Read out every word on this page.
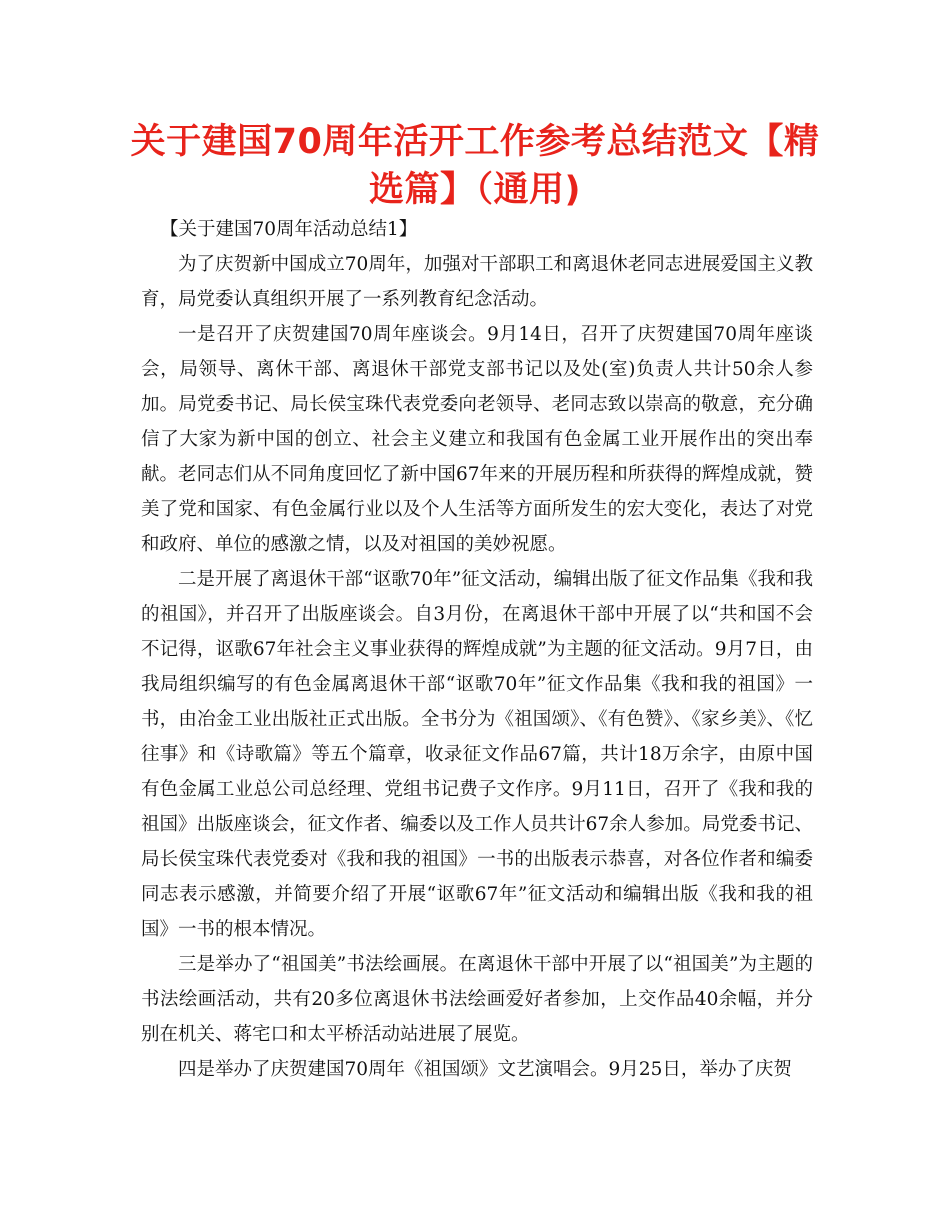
关于建国70周年活开工作参考总结范文【精选篇】（通用)

【关于建国70周年活动总结1】

为了庆贺新中国成立70周年，加强对干部职工和离退休老同志进展爱国主义教育，局党委认真组织开展了一系列教育纪念活动。

一是召开了庆贺建国70周年座谈会。9月14日，召开了庆贺建国70周年座谈会，局领导、离休干部、离退休干部党支部书记以及处(室)负责人共计50余人参加。局党委书记、局长侯宝珠代表党委向老领导、老同志致以崇高的敬意，充分确信了大家为新中国的创立、社会主义建立和我国有色金属工业开展作出的突出奉献。老同志们从不同角度回忆了新中国67年来的开展历程和所获得的辉煌成就，赞美了党和国家、有色金属行业以及个人生活等方面所发生的宏大变化，表达了对党和政府、单位的感激之情，以及对祖国的美妙祝愿。

二是开展了离退休干部“讴歌70年”征文活动，编辑出版了征文作品集《我和我的祖国》，并召开了出版座谈会。自3月份，在离退休干部中开展了以“共和国不会不记得，讴歌67年社会主义事业获得的辉煌成就”为主题的征文活动。9月7日，由我局组织编写的有色金属离退休干部“讴歌70年”征文作品集《我和我的祖国》一书，由冶金工业出版社正式出版。全书分为《祖国颂》、《有色赞》、《家乡美》、《忆往事》和《诗歌篇》等五个篇章，收录征文作品67篇，共计18万余字，由原中国有色金属工业总公司总经理、党组书记费子文作序。9月11日，召开了《我和我的祖国》出版座谈会，征文作者、编委以及工作人员共计67余人参加。局党委书记、局长侯宝珠代表党委对《我和我的祖国》一书的出版表示恭喜，对各位作者和编委同志表示感激，并简要介绍了开展“讴歌67年”征文活动和编辑出版《我和我的祖国》一书的根本情况。

三是举办了“祖国美”书法绘画展。在离退休干部中开展了以“祖国美”为主题的书法绘画活动，共有20多位离退休书法绘画爱好者参加，上交作品40余幅，并分别在机关、蒋宅口和太平桥活动站进展了展览。

四是举办了庆贺建国70周年《祖国颂》文艺演唱会。9月25日，举办了庆贺
